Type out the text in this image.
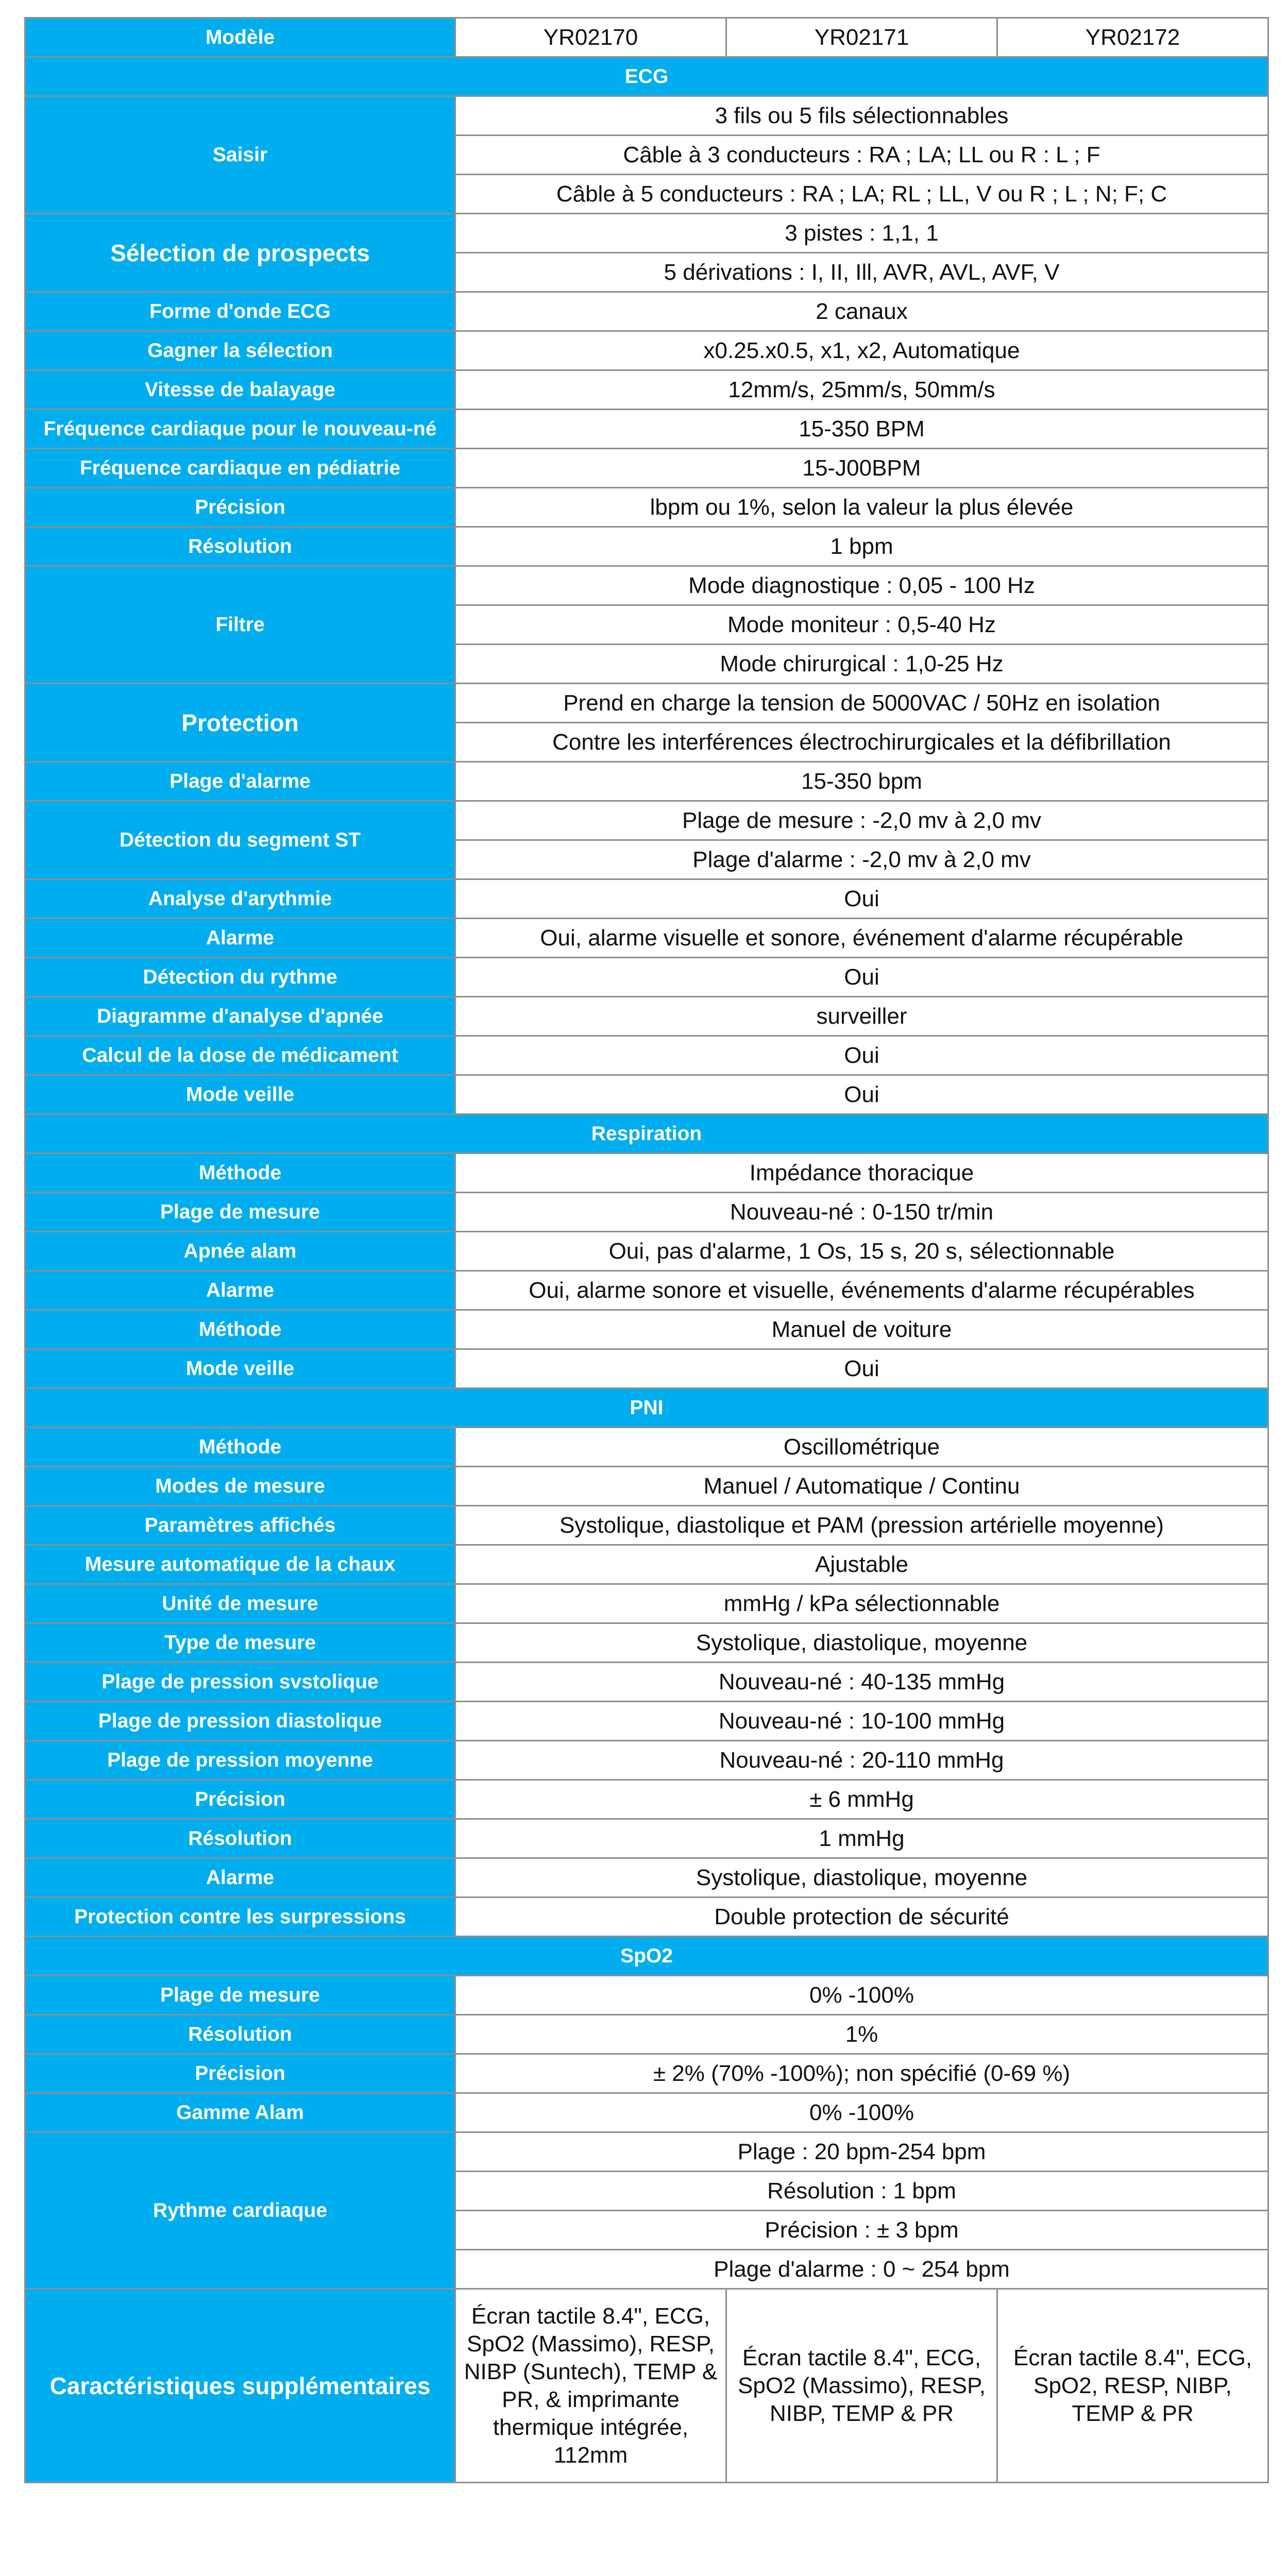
Modèle	YR02170	YR02171	YR02172
ECG			
Saisir	3 fils ou 5 fils sélectionnables		
	Câble à 3 conducteurs : RA ; LA; LL ou R : L ; F		
	Câble à 5 conducteurs : RA ; LA; RL ; LL, V ou R ; L ; N; F; C		
Sélection de prospects	3 pistes : 1,1, 1		
	5 dérivations : I, II, Ill, AVR, AVL, AVF, V		
Forme d'onde ECG	2 canaux		
Gagner la sélection	x0.25.x0.5, x1, x2, Automatique		
Vitesse de balayage	12mm/s, 25mm/s, 50mm/s		
Fréquence cardiaque pour le nouveau-né	15-350 BPM		
Fréquence cardiaque en pédiatrie	15-J00BPM		
Précision	lbpm ou 1%, selon la valeur la plus élevée		
Résolution	1 bpm		
Filtre	Mode diagnostique : 0,05 - 100 Hz		
	Mode moniteur : 0,5-40 Hz		
	Mode chirurgical : 1,0-25 Hz		
Protection	Prend en charge la tension de 5000VAC / 50Hz en isolation		
	Contre les interférences électrochirurgicales et la défibrillation		
Plage d'alarme	15-350 bpm		
Détection du segment ST	Plage de mesure : -2,0 mv à 2,0 mv		
	Plage d'alarme : -2,0 mv à 2,0 mv		
Analyse d'arythmie	Oui		
Alarme	Oui, alarme visuelle et sonore, événement d'alarme récupérable		
Détection du rythme	Oui		
Diagramme d'analyse d'apnée	surveiller		
Calcul de la dose de médicament	Oui		
Mode veille	Oui		
Respiration			
Méthode	Impédance thoracique		
Plage de mesure	Nouveau-né : 0-150 tr/min		
Apnée alam	Oui, pas d'alarme, 1 Os, 15 s, 20 s, sélectionnable		
Alarme	Oui, alarme sonore et visuelle, événements d'alarme récupérables		
Méthode	Manuel de voiture		
Mode veille	Oui		
PNI			
Méthode	Oscillométrique		
Modes de mesure	Manuel / Automatique / Continu		
Paramètres affichés	Systolique, diastolique et PAM (pression artérielle moyenne)		
Mesure automatique de la chaux	Ajustable		
Unité de mesure	mmHg / kPa sélectionnable		
Type de mesure	Systolique, diastolique, moyenne		
Plage de pression svstolique	Nouveau-né : 40-135 mmHg		
Plage de pression diastolique	Nouveau-né : 10-100 mmHg		
Plage de pression moyenne	Nouveau-né : 20-110 mmHg		
Précision	± 6 mmHg		
Résolution	1 mmHg		
Alarme	Systolique, diastolique, moyenne		
Protection contre les surpressions	Double protection de sécurité		
SpO2			
Plage de mesure	0% -100%		
Résolution	1%		
Précision	± 2% (70% -100%); non spécifié (0-69 %)		
Gamme Alam	0% -100%		
Rythme cardiaque	Plage : 20 bpm-254 bpm		
	Résolution : 1 bpm		
	Précision : ± 3 bpm		
	Plage d'alarme : 0 ~ 254 bpm		
Caractéristiques supplémentaires	Écran tactile 8.4", ECG, SpO2 (Massimo), RESP, NIBP (Suntech), TEMP & PR, & imprimante thermique intégrée, 112mm	Écran tactile 8.4", ECG, SpO2 (Massimo), RESP, NIBP, TEMP & PR	Écran tactile 8.4", ECG, SpO2, RESP, NIBP, TEMP & PR
